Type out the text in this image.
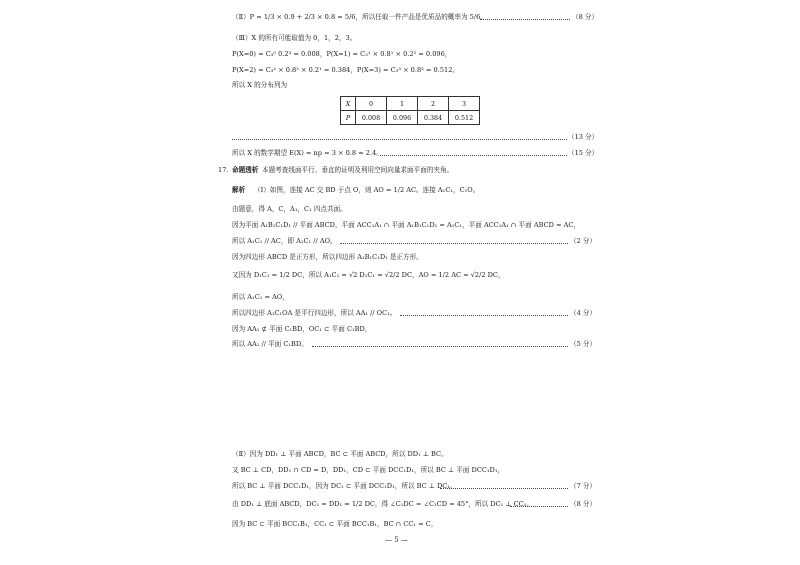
（Ⅱ）P = 1/3 × 0.9 + 2/3 × 0.8 = 5/6，所以任取一件产品是优质品的概率为 5/6。	（8 分）
（Ⅲ）X 的所有可能取值为 0，1，2，3。
P(X=0) = C₃⁰ 0.2³ = 0.008，P(X=1) = C₃¹ × 0.8¹ × 0.2² = 0.096，
P(X=2) = C₃² × 0.8² × 0.2¹ = 0.384，P(X=3) = C₃³ × 0.8³ = 0.512。
所以 X 的分布列为
X	0	1	2	3
P	0.008	0.096	0.384	0.512
（13 分）
所以 X 的数学期望 E(X) = np = 3 × 0.8 = 2.4。	（15 分）
17. 命题透析 本题考查线面平行、垂直的证明及利用空间向量求面平面的夹角。
解析 （Ⅰ）如图，连接 AC 交 BD 于点 O，则 AO = 1/2 AC。连接 A₁C₁，C₁O。
由题意，得 A，C，A₁，C₁ 四点共面。
因为平面 A₁B₁C₁D₁ // 平面 ABCD，平面 ACC₁A₁ ∩ 平面 A₁B₁C₁D₁ = A₁C₁，平面 ACC₁A₁ ∩ 平面 ABCD = AC，
所以 A₁C₁ // AC，即 A₁C₁ // AO。	（2 分）
因为四边形 ABCD 是正方形，所以四边形 A₁B₁C₁D₁ 是正方形。
又因为 D₁C₁ = 1/2 DC，所以 A₁C₁ = √2 D₁C₁ = √2/2 DC，AO = 1/2 AC = √2/2 DC，
所以 A₁C₁ = AO，
所以四边形 A₁C₁OA 是平行四边形，所以 AA₁ // OC₁。	（4 分）
因为 AA₁ ⊄ 平面 C₁BD，OC₁ ⊂ 平面 C₁BD，
所以 AA₁ // 平面 C₁BD。	（5 分）
（Ⅱ）因为 DD₁ ⊥ 平面 ABCD，BC ⊂ 平面 ABCD，所以 DD₁ ⊥ BC。
又 BC ⊥ CD，DD₁ ∩ CD = D，DD₁，CD ⊂ 平面 DCC₁D₁，所以 BC ⊥ 平面 DCC₁D₁，
所以 BC ⊥ 平面 DCC₁D₁，因为 DC₁ ⊂ 平面 DCC₁D₁，所以 BC ⊥ DC₁。	（7 分）
由 DD₁ ⊥ 底面 ABCD，DC₁ = DD₁ = 1/2 DC，得 ∠C₁DC = ∠C₁CD = 45°，所以 DC₁ ⊥ CC₁。	（8 分）
因为 BC ⊂ 平面 BCC₁B₁，CC₁ ⊂ 平面 BCC₁B₁，BC ∩ CC₁ = C，
— 5 —
